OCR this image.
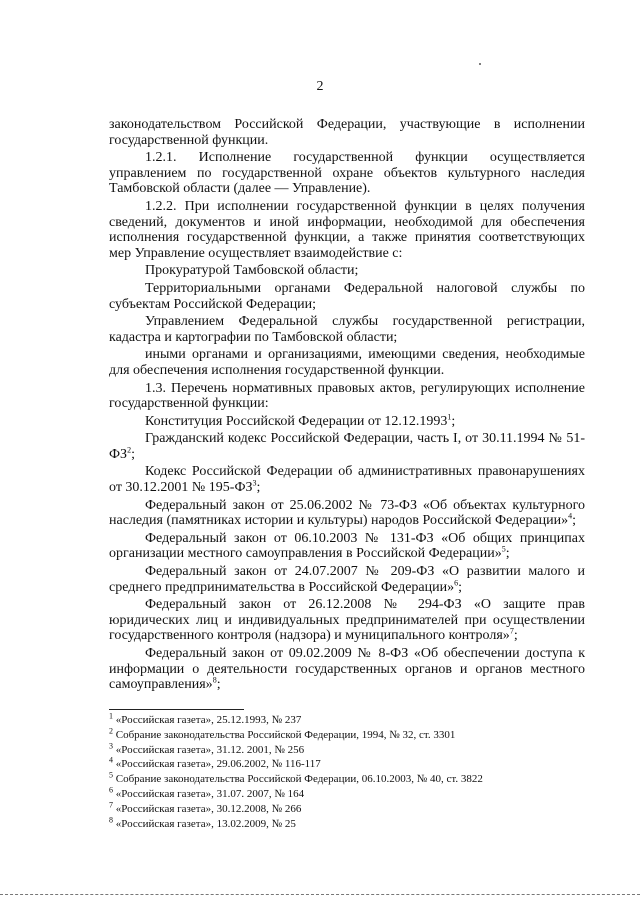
2

законодательством Российской Федерации, участвующие в исполнении государственной функции.

1.2.1. Исполнение государственной функции осуществляется управлением по государственной охране объектов культурного наследия Тамбовской области (далее — Управление).

1.2.2. При исполнении государственной функции в целях получения сведений, документов и иной информации, необходимой для обеспечения исполнения государственной функции, а также принятия соответствующих мер Управление осуществляет взаимодействие с:

Прокуратурой Тамбовской области;

Территориальными органами Федеральной налоговой службы по субъектам Российской Федерации;

Управлением Федеральной службы государственной регистрации, кадастра и картографии по Тамбовской области;

иными органами и организациями, имеющими сведения, необходимые для обеспечения исполнения государственной функции.

1.3. Перечень нормативных правовых актов, регулирующих исполнение государственной функции:

Конституция Российской Федерации от 12.12.1993$^1$;

Гражданский кодекс Российской Федерации, часть I, от 30.11.1994 № $51-ФЗ^2$;

Кодекс Российской Федерации об административных правонарушениях от 30.12.2001 № $195-ФЗ^3$;

Федеральный закон от 25.06.2002 № 73-ФЗ «Об объектах культурного наследия (памятниках истории и культуры) народов Российской Федерации»$^4$;

Федеральный закон от 06.10.2003 № 131-ФЗ «Об общих принципах организации местного самоуправления в Российской Федерации»$^5$;

Федеральный закон от 24.07.2007 № 209-ФЗ «О развитии малого и среднего предпринимательства в Российской Федерации»$^6$;

Федеральный закон от 26.12.2008 № 294-ФЗ «О защите прав юридических лиц и индивидуальных предпринимателей при осуществлении государственного контроля (надзора) и муниципального контроля»$^7$;

Федеральный закон от 09.02.2009 № 8-ФЗ «Об обеспечении доступа к информации о деятельности государственных органов и органов местного самоуправления»$^8$;

$^1$ «Российская газета», 25.12.1993, № 237
$^2$ Собрание законодательства Российской Федерации, 1994, № 32, ст. 3301
$^3$ «Российская газета», 31.12. 2001, № 256
$^4$ «Российская газета», 29.06.2002, № 116-117
$^5$ Собрание законодательства Российской Федерации, 06.10.2003, № 40, ст. 3822
$^6$ «Российская газета», 31.07. 2007, № 164
$^7$ «Российская газета», 30.12.2008, № 266
$^8$ «Российская газета», 13.02.2009, № 25
